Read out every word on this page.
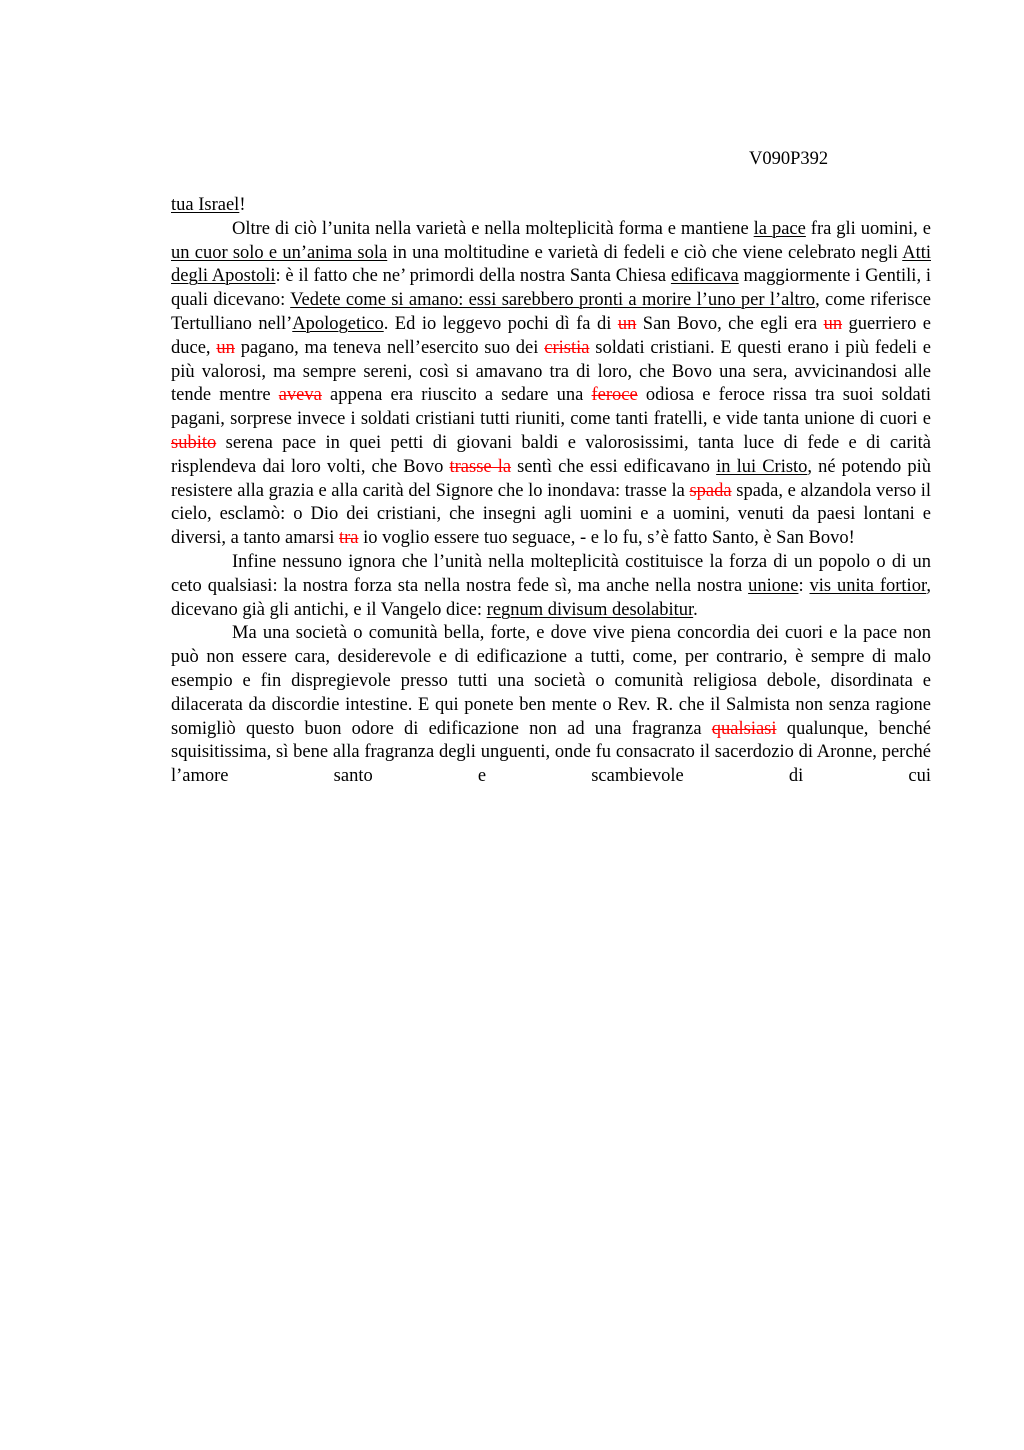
V090P392

tua Israel!

Oltre di ciò l’unita nella varietà e nella molteplicità forma e mantiene la pace fra gli uomini, e un cuor solo e un’anima sola in una moltitudine e varietà di fedeli e ciò che viene celebrato negli Atti degli Apostoli: è il fatto che ne’ primordi della nostra Santa Chiesa edificava maggiormente i Gentili, i quali dicevano: Vedete come si amano: essi sarebbero pronti a morire l’uno per l’altro, come riferisce Tertulliano nell’Apologetico. Ed io leggevo pochi dì fa di un San Bovo, che egli era un guerriero e duce, un pagano, ma teneva nell’esercito suo dei cristia soldati cristiani. E questi erano i più fedeli e più valorosi, ma sempre sereni, così si amavano tra di loro, che Bovo una sera, avvicinandosi alle tende mentre aveva appena era riuscito a sedare una feroce odiosa e feroce rissa tra suoi soldati pagani, sorprese invece i soldati cristiani tutti riuniti, come tanti fratelli, e vide tanta unione di cuori e subito serena pace in quei petti di giovani baldi e valorosissimi, tanta luce di fede e di carità risplendeva dai loro volti, che Bovo trasse la sentì che essi edificavano in lui Cristo, né potendo più resistere alla grazia e alla carità del Signore che lo inondava: trasse la spada spada, e alzandola verso il cielo, esclamò: o Dio dei cristiani, che insegni agli uomini e a uomini, venuti da paesi lontani e diversi, a tanto amarsi tra io voglio essere tuo seguace, - e lo fu, s’è fatto Santo, è San Bovo!

Infine nessuno ignora che l’unità nella molteplicità costituisce la forza di un popolo o di un ceto qualsiasi: la nostra forza sta nella nostra fede sì, ma anche nella nostra unione: vis unita fortior, dicevano già gli antichi, e il Vangelo dice: regnum divisum desolabitur.

Ma una società o comunità bella, forte, e dove vive piena concordia dei cuori e la pace non può non essere cara, desiderevole e di edificazione a tutti, come, per contrario, è sempre di malo esempio e fin dispregievole presso tutti una società o comunità religiosa debole, disordinata e dilacerata da discordie intestine. E qui ponete ben mente o Rev. R. che il Salmista non senza ragione somigliò questo buon odore di edificazione non ad una fragranza qualsiasi qualunque, benché squisitissima, sì bene alla fragranza degli unguenti, onde fu consacrato il sacerdozio di Aronne, perché l’amore santo e scambievole di cui
